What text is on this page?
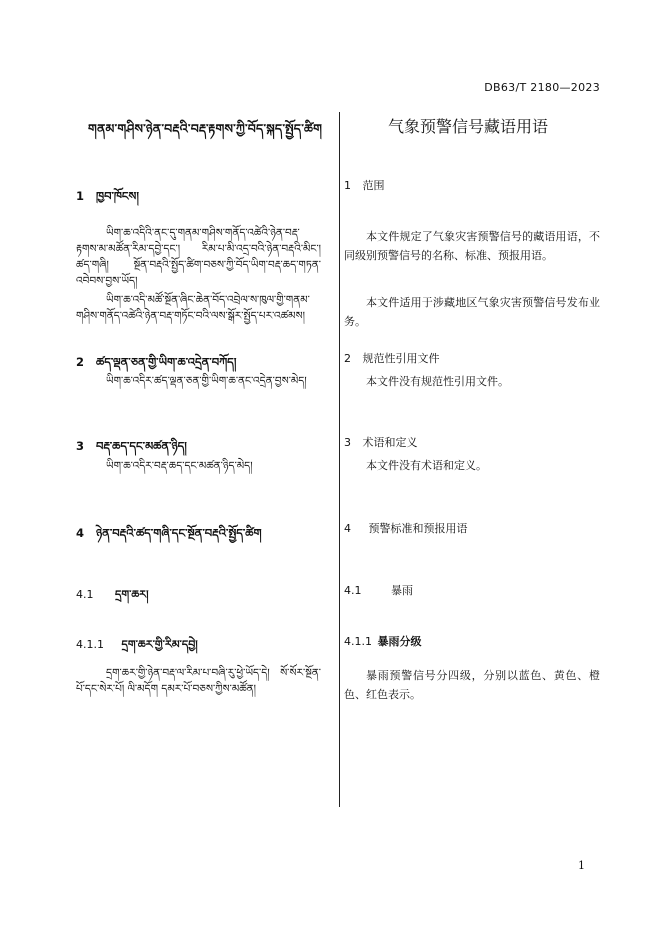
DB63/T 2180—2023
1
གནམ་གཤིས་ཉེན་བརྡའི་བརྡ་རྟགས་ཀྱི་བོད་སྐད་སྤྱོད་ཚིག
1 ཁྱབ་ཁོངས།
ཡིག་ཆ་འདིའི་ནང་དུ་གནམ་གཤིས་གནོད་འཚེའི་ཉེན་བརྡ་རྟགས་མ་མཚོན་རིམ་དབྱེ་དང་། རིམ་པ་མི་འདྲ་བའི་ཉེན་བརྡའི་མིང་། ཚད་གཞི། སྔོན་བརྡའི་སྤྱོད་ཚིག་བཅས་ཀྱི་བོད་ཡིག་བརྡ་ཆད་གཏན་འབེབས་བྱས་ཡོད།
ཡིག་ཆ་འདི་མཚོ་སྔོན་ཞིང་ཆེན་བོད་འབྲེལ་ས་ཁུལ་གྱི་གནམ་གཤིས་གནོད་འཚེའི་ཉེན་བརྡ་གཏོང་བའི་ལས་སྒོར་སྤྱོད་པར་འཚམས།
2 ཚད་ལྡན་ཅན་གྱི་ཡིག་ཆ་འདྲེན་བཀོད།
ཡིག་ཆ་འདིར་ཚད་ལྡན་ཅན་གྱི་ཡིག་ཆ་ནང་འདྲེན་བྱས་མེད།
3 བརྡ་ཆད་དང་མཚན་ཉིད།
ཡིག་ཆ་འདིར་བརྡ་ཆད་དང་མཚན་ཉིད་མེད།
4 ཉེན་བརྡའི་ཚད་གཞི་དང་སྔོན་བརྡའི་སྤྱོད་ཚིག
4.1 དྲག་ཆར།
4.1.1 དྲག་ཆར་གྱི་རིམ་དབྱེ།
དྲག་ཆར་གྱི་ཉེན་བརྡ་ལ་རིམ་པ་བཞི་རུ་ཕྱེ་ཡོད་དེ། སོ་སོར་སྔོན་པོ་དང་སེར་པོ། ལི་མདོག དམར་པོ་བཅས་ཀྱིས་མཚོན།
气象预警信号藏语用语
1 范围
本文件规定了气象灾害预警信号的藏语用语，不同级别预警信号的名称、标准、预报用语。
本文件适用于涉藏地区气象灾害预警信号发布业务。
2 规范性引用文件
本文件没有规范性引用文件。
3 术语和定义
本文件没有术语和定义。
4 预警标准和预报用语
4.1	暴雨
4.1.1 暴雨分级
暴雨预警信号分四级，分别以蓝色、黄色、橙色、红色表示。
